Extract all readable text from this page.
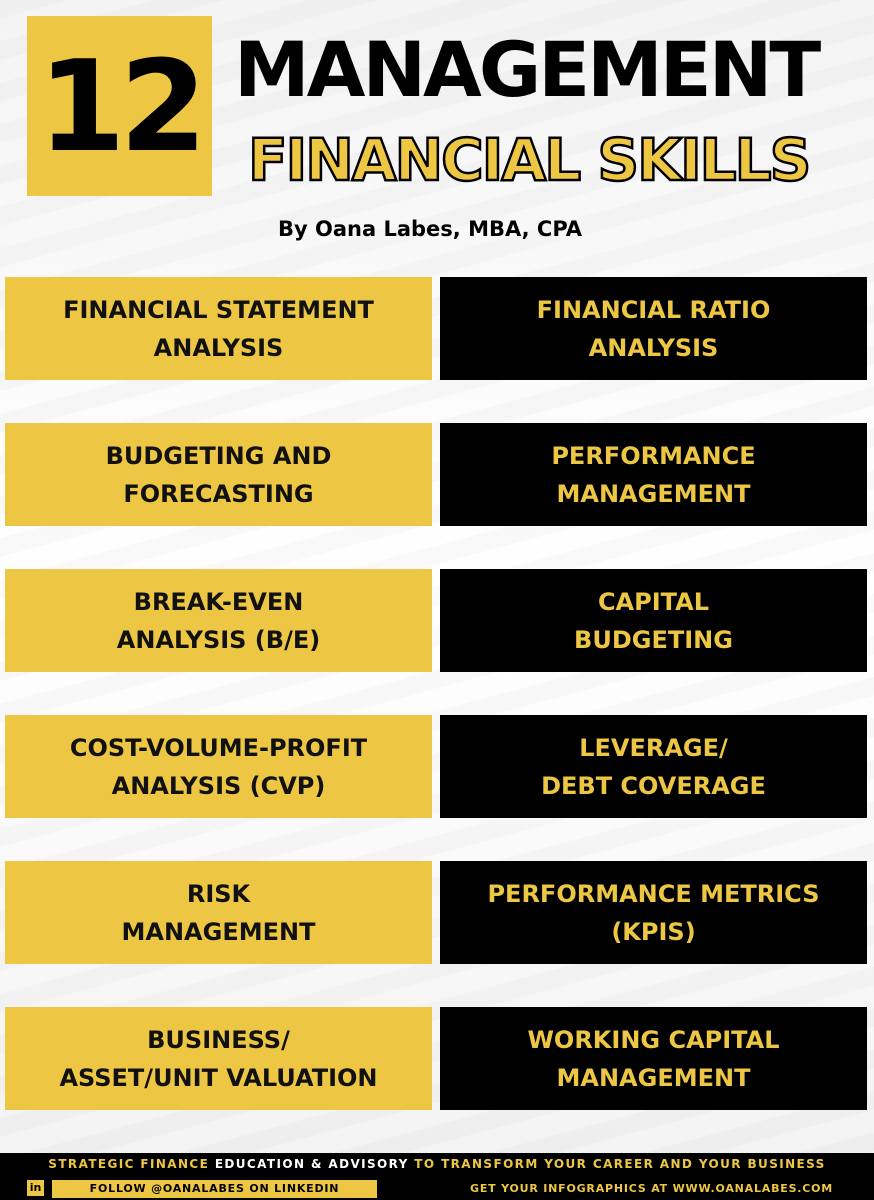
12 MANAGEMENT
FINANCIAL SKILLS
By Oana Labes, MBA, CPA
FINANCIAL STATEMENT
ANALYSIS
FINANCIAL RATIO
ANALYSIS
BUDGETING AND
FORECASTING
PERFORMANCE
MANAGEMENT
BREAK-EVEN
ANALYSIS (B/E)
CAPITAL
BUDGETING
COST-VOLUME-PROFIT
ANALYSIS (CVP)
LEVERAGE/
DEBT COVERAGE
RISK
MANAGEMENT
PERFORMANCE METRICS
(KPIS)
BUSINESS/
ASSET/UNIT VALUATION
WORKING CAPITAL
MANAGEMENT
STRATEGIC FINANCE EDUCATION & ADVISORY TO TRANSFORM YOUR CAREER AND YOUR BUSINESS
in	FOLLOW @OANALABES ON LINKEDIN	GET YOUR INFOGRAPHICS AT WWW.OANALABES.COM
